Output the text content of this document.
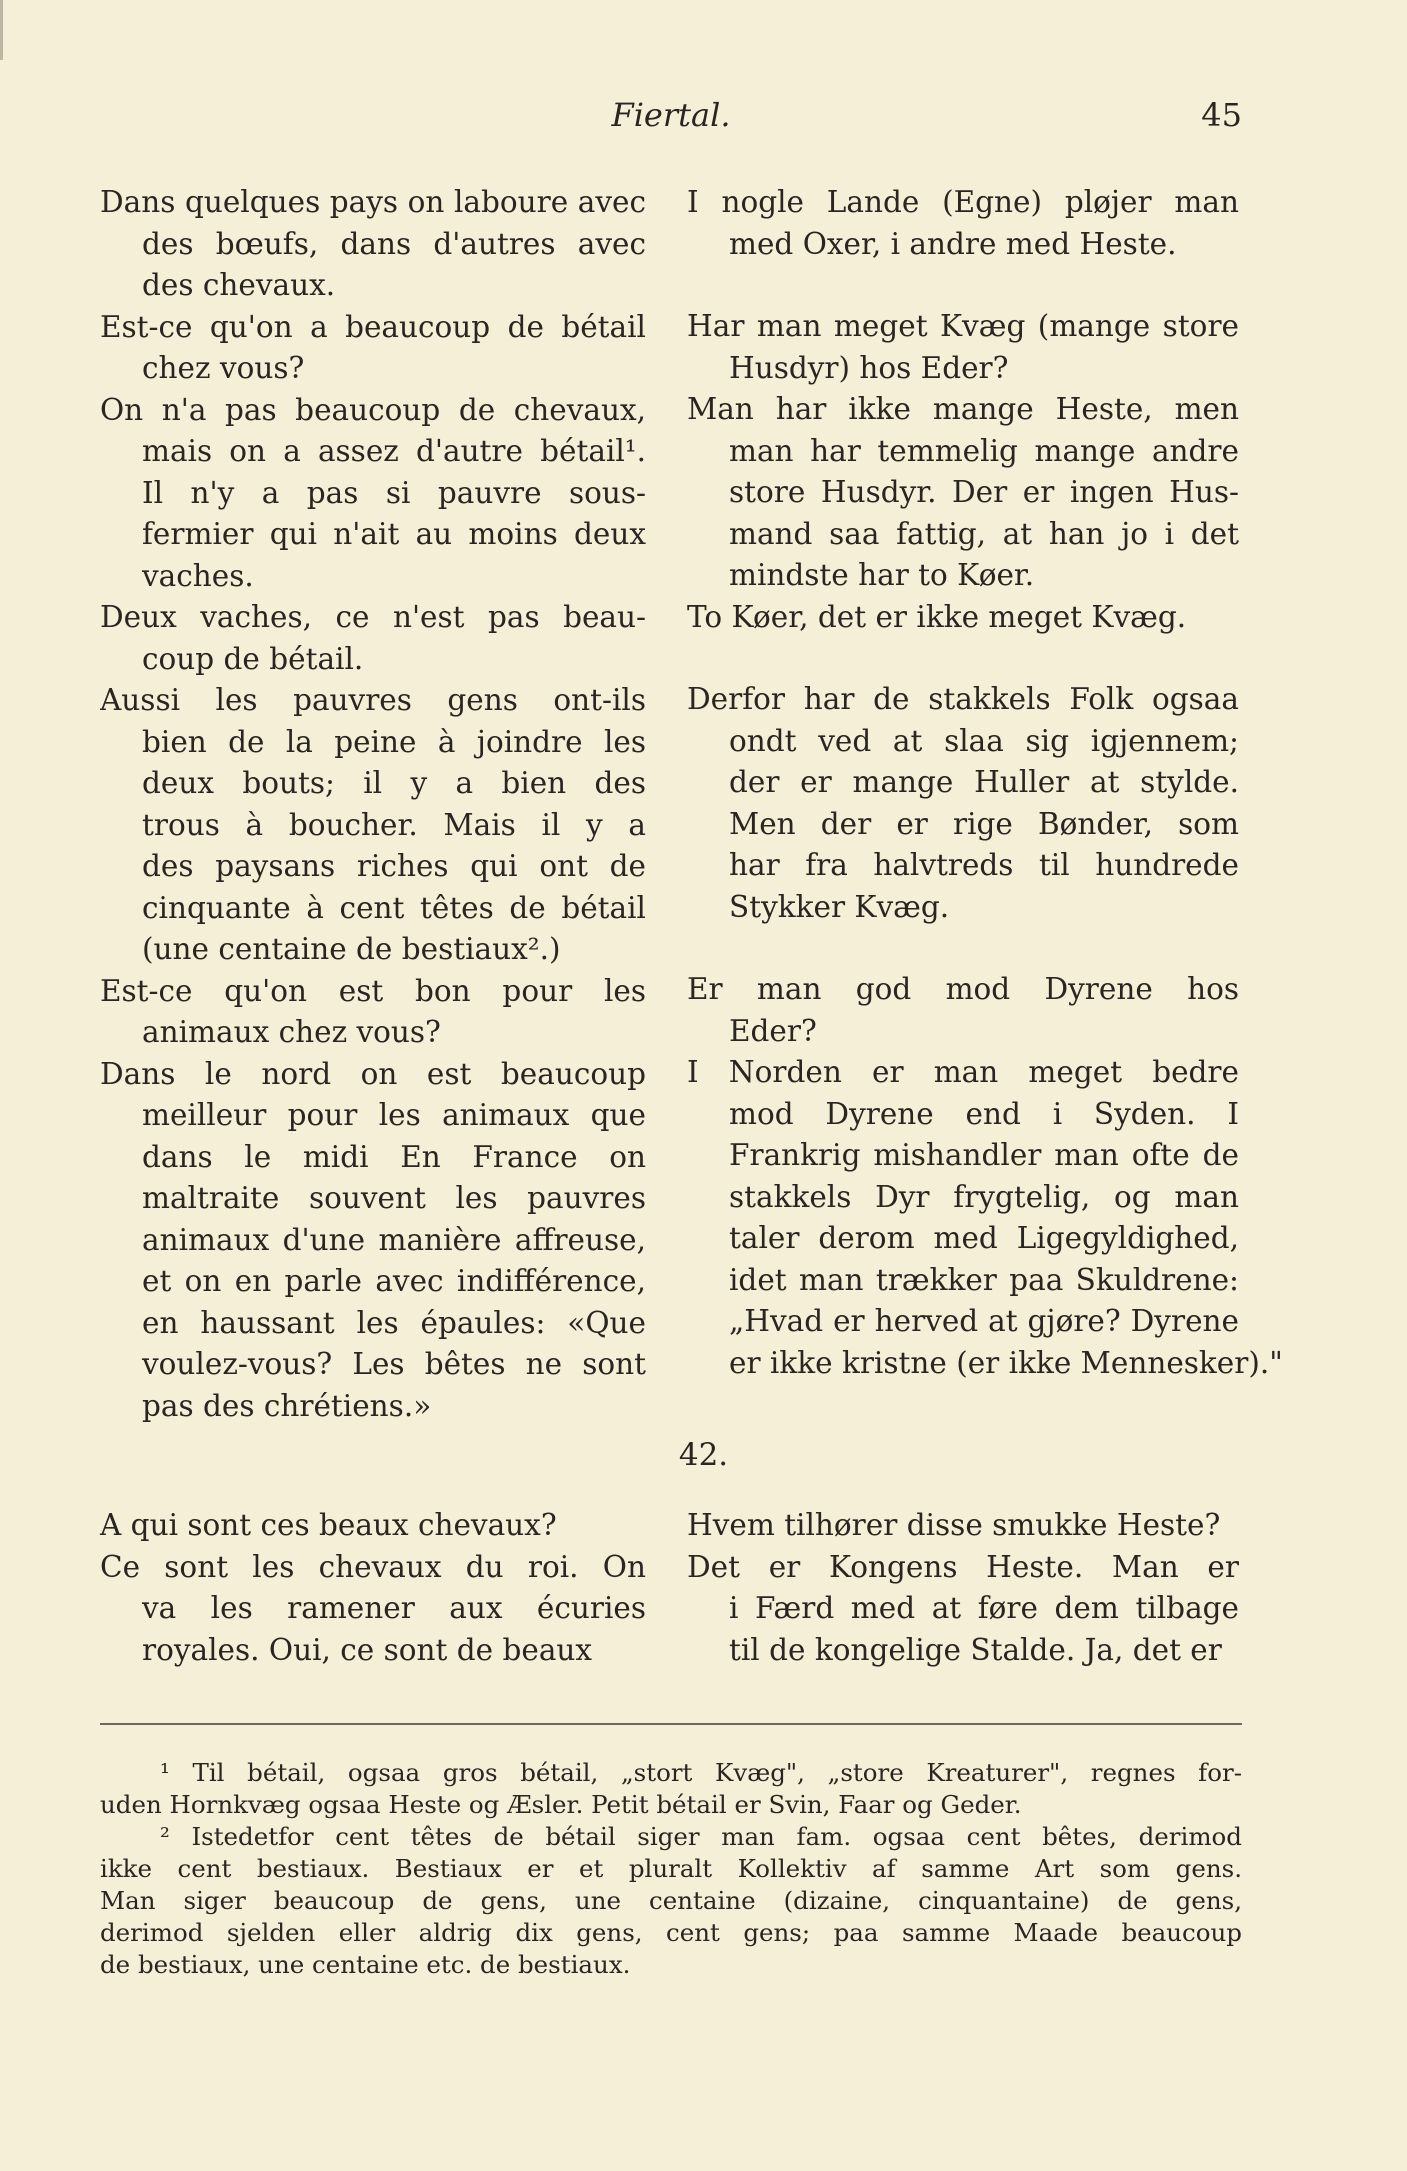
Fiertal.	45
Dans quelques pays on laboure avec
des bœufs, dans d'autres avec
des chevaux.
Est-ce qu'on a beaucoup de bétail
chez vous?
On n'a pas beaucoup de chevaux,
mais on a assez d'autre bétail¹.
Il n'y a pas si pauvre sous-
fermier qui n'ait au moins deux
vaches.
Deux vaches, ce n'est pas beau-
coup de bétail.
Aussi les pauvres gens ont-ils
bien de la peine à joindre les
deux bouts; il y a bien des
trous à boucher. Mais il y a
des paysans riches qui ont de
cinquante à cent têtes de bétail
(une centaine de bestiaux².)
Est-ce qu'on est bon pour les
animaux chez vous?
Dans le nord on est beaucoup
meilleur pour les animaux que
dans le midi En France on
maltraite souvent les pauvres
animaux d'une manière affreuse,
et on en parle avec indifférence,
en haussant les épaules: «Que
voulez-vous? Les bêtes ne sont
pas des chrétiens.»
I nogle Lande (Egne) pløjer man
med Oxer, i andre med Heste.
Har man meget Kvæg (mange store
Husdyr) hos Eder?
Man har ikke mange Heste, men
man har temmelig mange andre
store Husdyr. Der er ingen Hus-
mand saa fattig, at han jo i det
mindste har to Køer.
To Køer, det er ikke meget Kvæg.
Derfor har de stakkels Folk ogsaa
ondt ved at slaa sig igjennem;
der er mange Huller at stylde.
Men der er rige Bønder, som
har fra halvtreds til hundrede
Stykker Kvæg.
Er man god mod Dyrene hos
Eder?
I Norden er man meget bedre
mod Dyrene end i Syden. I
Frankrig mishandler man ofte de
stakkels Dyr frygtelig, og man
taler derom med Ligegyldighed,
idet man trækker paa Skuldrene:
„Hvad er herved at gjøre? Dyrene
er ikke kristne (er ikke Mennesker)."
42.
A qui sont ces beaux chevaux?
Ce sont les chevaux du roi. On
va les ramener aux écuries
royales. Oui, ce sont de beaux
Hvem tilhører disse smukke Heste?
Det er Kongens Heste. Man er
i Færd med at føre dem tilbage
til de kongelige Stalde. Ja, det er
¹ Til bétail, ogsaa gros bétail, „stort Kvæg", „store Kreaturer", regnes for-
uden Hornkvæg ogsaa Heste og Æsler. Petit bétail er Svin, Faar og Geder.
² Istedetfor cent têtes de bétail siger man fam. ogsaa cent bêtes, derimod
ikke cent bestiaux. Bestiaux er et pluralt Kollektiv af samme Art som gens.
Man siger beaucoup de gens, une centaine (dizaine, cinquantaine) de gens,
derimod sjelden eller aldrig dix gens, cent gens; paa samme Maade beaucoup
de bestiaux, une centaine etc. de bestiaux.
